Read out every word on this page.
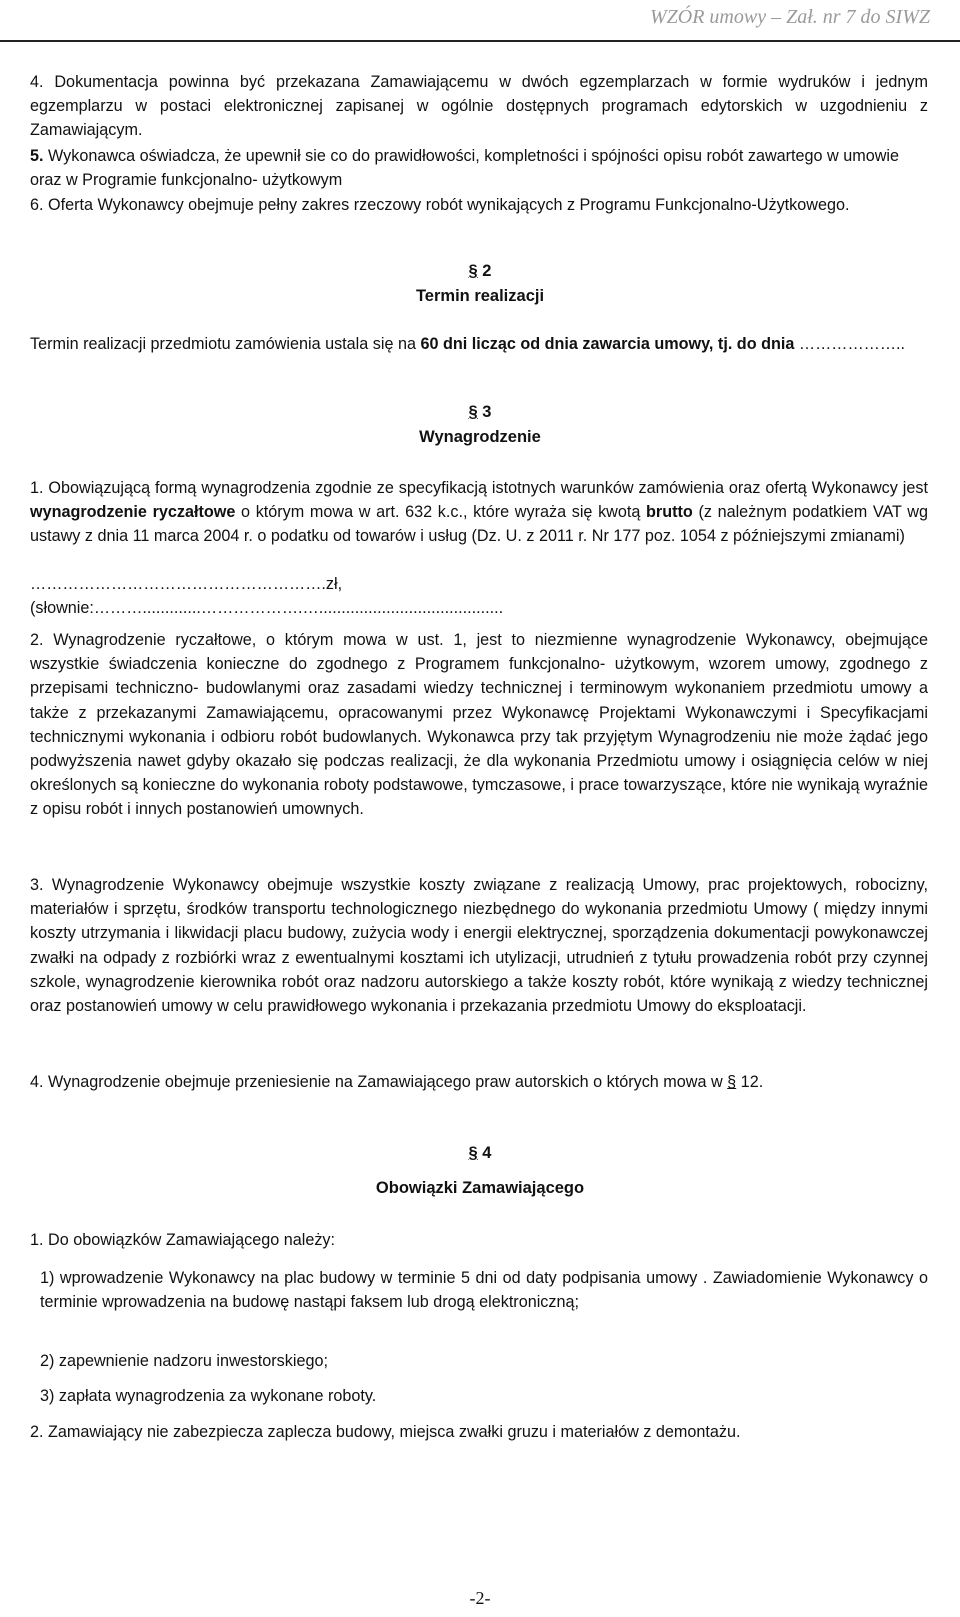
WZÓR umowy – Zał. nr 7 do SIWZ
4. Dokumentacja powinna być przekazana Zamawiającemu w dwóch egzemplarzach w formie wydruków i jednym egzemplarzu w postaci elektronicznej zapisanej w ogólnie dostępnych programach edytorskich w uzgodnieniu z Zamawiającym.
5. Wykonawca oświadcza, że upewnił sie co do prawidłowości, kompletności i spójności opisu robót zawartego w umowie oraz w Programie funkcjonalno- użytkowym
6. Oferta Wykonawcy obejmuje pełny zakres rzeczowy robót wynikających z Programu Funkcjonalno-Użytkowego.
§ 2
Termin realizacji
Termin realizacji przedmiotu zamówienia ustala się na 60 dni licząc od dnia zawarcia umowy, tj. do dnia ………………..
§ 3
Wynagrodzenie
1. Obowiązującą formą wynagrodzenia zgodnie ze specyfikacją istotnych warunków zamówienia oraz ofertą Wykonawcy jest wynagrodzenie ryczałtowe o którym mowa w art. 632 k.c., które wyraża się kwotą brutto (z należnym podatkiem VAT wg ustawy z dnia 11 marca 2004 r. o podatku od towarów i usług (Dz. U. z 2011 r. Nr 177 poz. 1054 z późniejszymi zmianami)
……………………………………………….zł,
(słownie:……….............……………….….........................................
2. Wynagrodzenie ryczałtowe, o którym mowa w ust. 1, jest to niezmienne wynagrodzenie Wykonawcy, obejmujące wszystkie świadczenia konieczne do zgodnego z Programem funkcjonalno- użytkowym, wzorem umowy, zgodnego z przepisami techniczno- budowlanymi oraz zasadami wiedzy technicznej i terminowym wykonaniem przedmiotu umowy a także z przekazanymi Zamawiającemu, opracowanymi przez Wykonawcę Projektami Wykonawczymi i Specyfikacjami technicznymi wykonania i odbioru robót budowlanych. Wykonawca przy tak przyjętym Wynagrodzeniu nie może żądać jego podwyższenia nawet gdyby okazało się podczas realizacji, że dla wykonania Przedmiotu umowy i osiągnięcia celów w niej określonych są konieczne do wykonania roboty podstawowe, tymczasowe, i prace towarzyszące, które nie wynikają wyraźnie z opisu robót i innych postanowień umownych.
3. Wynagrodzenie Wykonawcy obejmuje wszystkie koszty związane z realizacją Umowy, prac projektowych, robocizny, materiałów i sprzętu, środków transportu technologicznego niezbędnego do wykonania przedmiotu Umowy ( między innymi koszty utrzymania i likwidacji placu budowy, zużycia wody i energii elektrycznej, sporządzenia dokumentacji powykonawczej zwałki na odpady z rozbiórki wraz z ewentualnymi kosztami ich utylizacji, utrudnień z tytułu prowadzenia robót przy czynnej szkole, wynagrodzenie kierownika robót oraz nadzoru autorskiego a także koszty robót, które wynikają z wiedzy technicznej oraz postanowień umowy w celu prawidłowego wykonania i przekazania przedmiotu Umowy do eksploatacji.
4. Wynagrodzenie obejmuje przeniesienie na Zamawiającego praw autorskich o których mowa w § 12.
§ 4
Obowiązki Zamawiającego
1. Do obowiązków Zamawiającego należy:
1) wprowadzenie Wykonawcy na plac budowy w terminie 5 dni od daty podpisania umowy . Zawiadomienie Wykonawcy o terminie wprowadzenia na budowę nastąpi faksem lub drogą elektroniczną;
2) zapewnienie nadzoru inwestorskiego;
3) zapłata wynagrodzenia za wykonane roboty.
2. Zamawiający nie zabezpiecza zaplecza budowy, miejsca zwałki gruzu i materiałów z demontażu.
-2-
